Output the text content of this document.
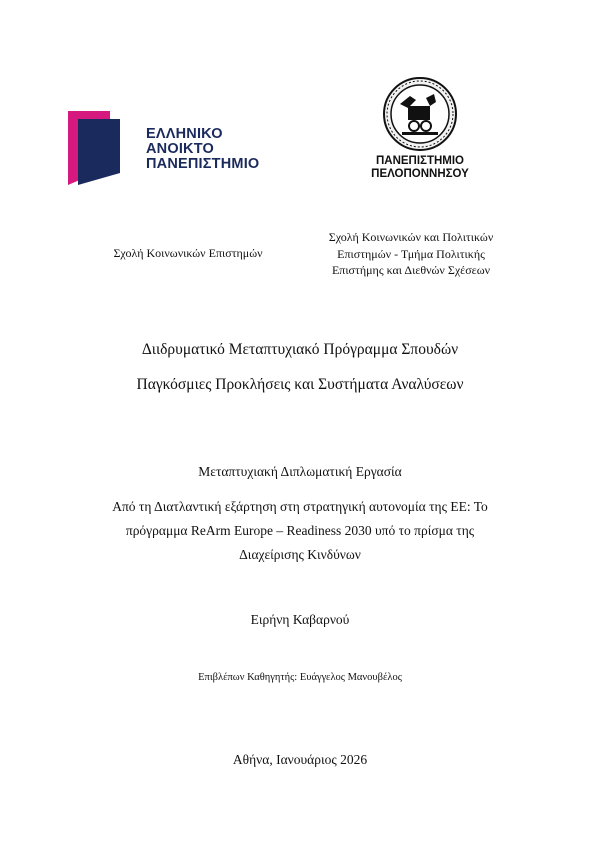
ΕΛΛΗΝΙΚΟ
ΑΝΟΙΚΤΟ
ΠΑΝΕΠΙΣΤΗΜΙΟ	ΠΑΝΕΠΙΣΤΗΜΙΟ
ΠΕΛΟΠΟΝΝΗΣΟΥ
Σχολή Κοινωνικών Επιστημών
Σχολή Κοινωνικών και Πολιτικών
Επιστημών - Τμήμα Πολιτικής
Επιστήμης και Διεθνών Σχέσεων
Διιδρυματικό Μεταπτυχιακό Πρόγραμμα Σπουδών
Παγκόσμιες Προκλήσεις και Συστήματα Αναλύσεων
Μεταπτυχιακή Διπλωματική Εργασία
Από τη Διατλαντική εξάρτηση στη στρατηγική αυτονομία της ΕΕ: Το
πρόγραμμα ReArm Europe – Readiness 2030 υπό το πρίσμα της
Διαχείρισης Κινδύνων
Ειρήνη Καβαρνού
Επιβλέπων Καθηγητής: Ευάγγελος Μανουβέλος
Αθήνα, Ιανουάριος 2026
